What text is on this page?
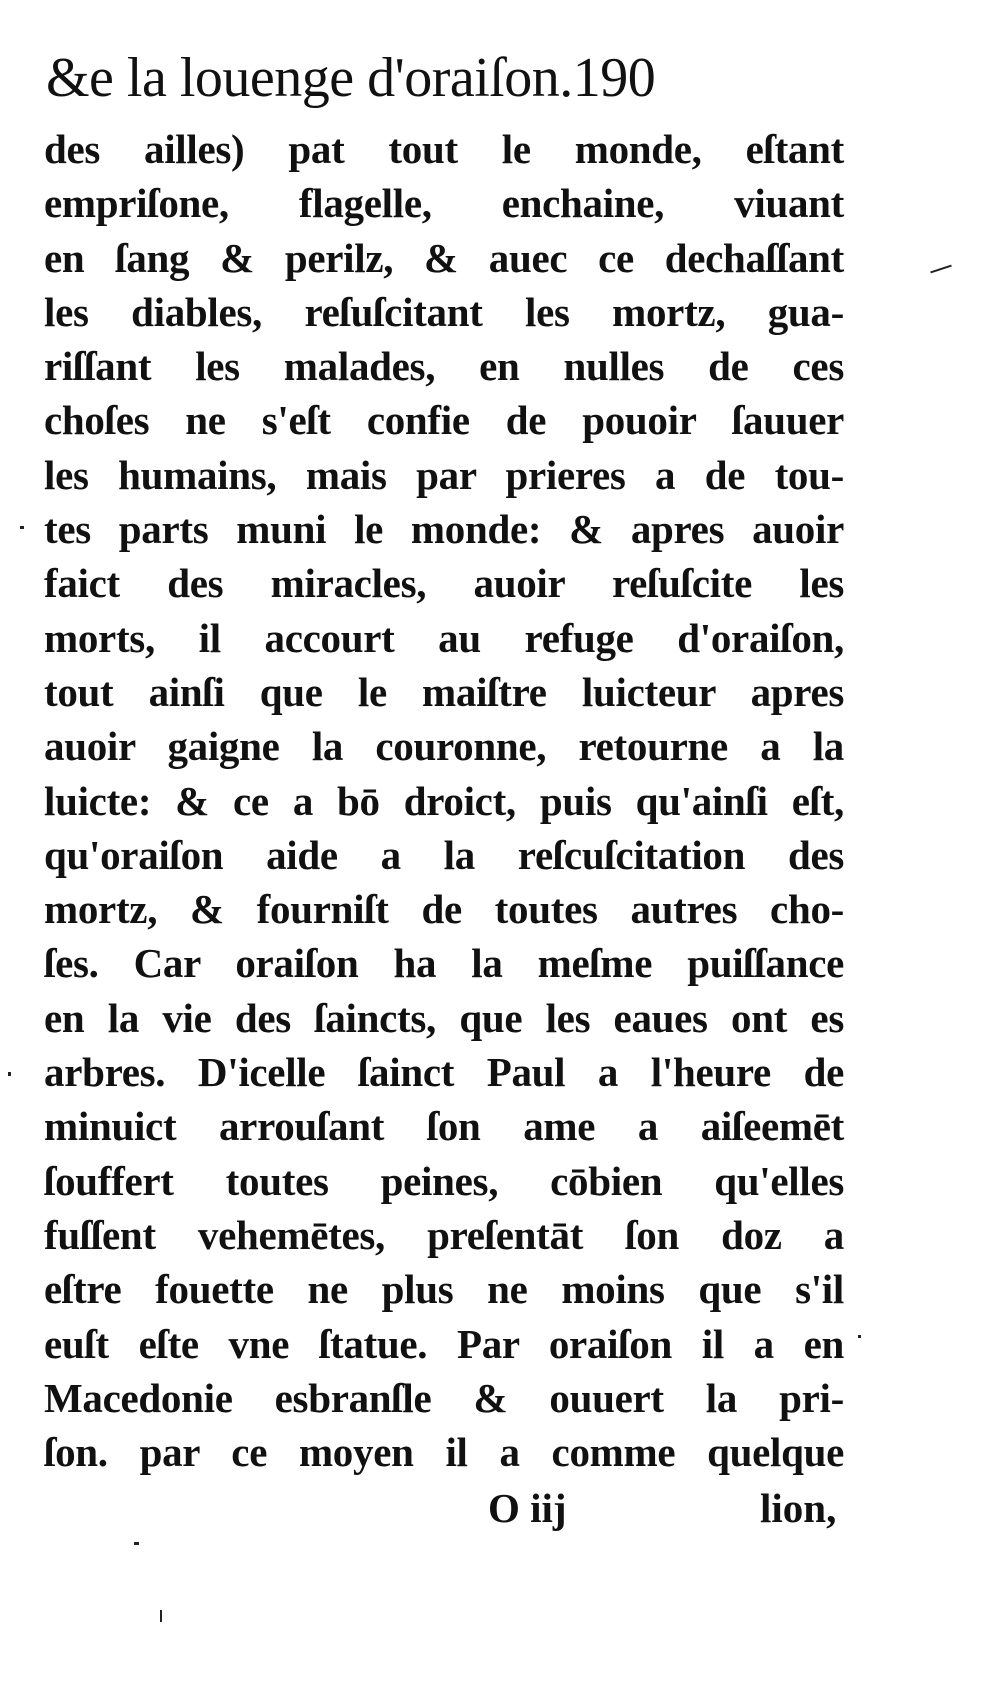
&e la louenge d'oraiſon.190
des ailles) pat tout le monde, eſtant
empriſone, flagelle, enchaine, viuant
en ſang & perilz, & auec ce dechaſſant
les diables, reſuſcitant les mortz, gua-
riſſant les malades, en nulles de ces
choſes ne s'eſt confie de pouoir ſauuer
les humains, mais par prieres a de tou-
tes parts muni le monde: & apres auoir
faict des miracles, auoir reſuſcite les
morts, il accourt au refuge d'oraiſon,
tout ainſi que le maiſtre luicteur apres
auoir gaigne la couronne, retourne a la
luicte: & ce a bō droict, puis qu'ainſi eſt,
qu'oraiſon aide a la reſcuſcitation des
mortz, & fourniſt de toutes autres cho-
ſes. Car oraiſon ha la meſme puiſſance
en la vie des ſaincts, que les eaues ont es
arbres. D'icelle ſainct Paul a l'heure de
minuict arrouſant ſon ame a aiſeemēt
ſouffert toutes peines, cōbien qu'elles
fuſſent vehemētes, preſentāt ſon doz a
eſtre fouette ne plus ne moins que s'il
euſt eſte vne ſtatue. Par oraiſon il a en
Macedonie esbranſle & ouuert la pri-
ſon. par ce moyen il a comme quelque
O iij	lion,
